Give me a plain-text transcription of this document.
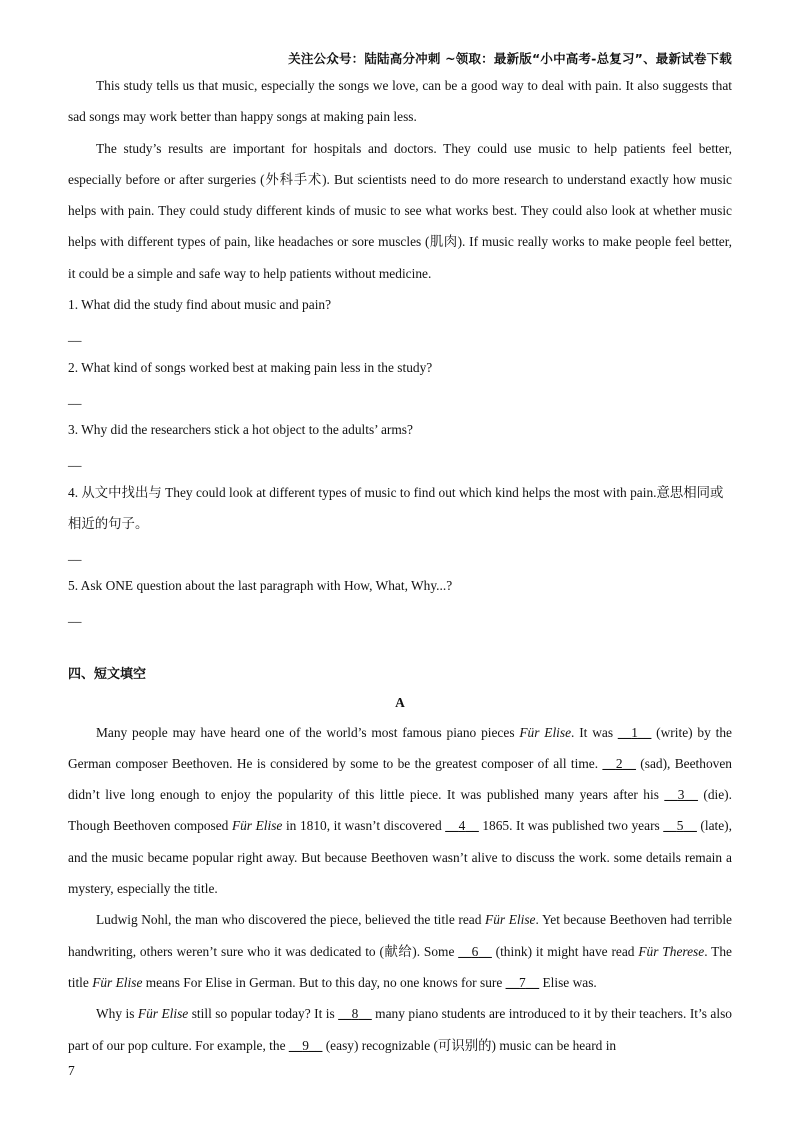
关注公众号：陆陆高分冲刺 ~领取：最新版“小中高考-总复习”、最新试卷下载

This study tells us that music, especially the songs we love, can be a good way to deal with pain. It also suggests that sad songs may work better than happy songs at making pain less.

The study’s results are important for hospitals and doctors. They could use music to help patients feel better, especially before or after surgeries (外科手术). But scientists need to do more research to understand exactly how music helps with pain. They could study different kinds of music to see what works best. They could also look at whether music helps with different types of pain, like headaches or sore muscles (肌肉). If music really works to make people feel better, it could be a simple and safe way to help patients without medicine.

1. What did the study find about music and pain?

__

2. What kind of songs worked best at making pain less in the study?

__

3. Why did the researchers stick a hot object to the adults’ arms?

__

4. 从文中找出与 They could look at different types of music to find out which kind helps the most with pain.意思相同或相近的句子。

__

5. Ask ONE question about the last paragraph with How, What, Why...?

__

四、短文填空
A

Many people may have heard one of the world’s most famous piano pieces Für Elise. It was __1__ (write) by the German composer Beethoven. He is considered by some to be the greatest composer of all time. __2__ (sad), Beethoven didn’t live long enough to enjoy the popularity of this little piece. It was published many years after his __3__ (die). Though Beethoven composed Für Elise in 1810, it wasn’t discovered __4__ 1865. It was published two years __5__ (late), and the music became popular right away. But because Beethoven wasn’t alive to discuss the work. some details remain a mystery, especially the title.

Ludwig Nohl, the man who discovered the piece, believed the title read Für Elise. Yet because Beethoven had terrible handwriting, others weren’t sure who it was dedicated to (献给). Some __6__ (think) it might have read Für Therese. The title Für Elise means For Elise in German. But to this day, no one knows for sure __7__ Elise was.

Why is Für Elise still so popular today? It is __8__ many piano students are introduced to it by their teachers. It’s also part of our pop culture. For example, the __9__ (easy) recognizable (可识别的) music can be heard in

7
